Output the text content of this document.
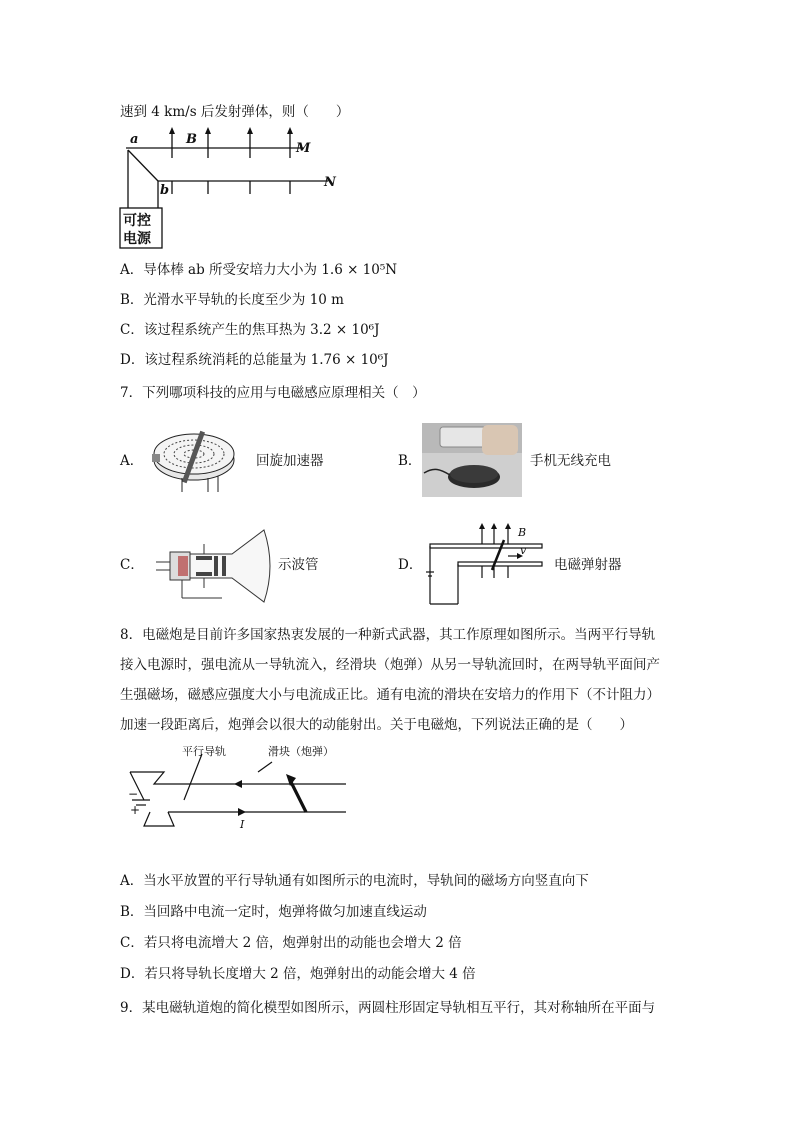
速到 4 km/s 后发射弹体，则（　　）
a	B
M
b
N
可控
电源
A．导体棒 ab 所受安培力大小为 1.6 × 10⁵N
B．光滑水平导轨的长度至少为 10 m
C．该过程系统产生的焦耳热为 3.2 × 10⁶J
D．该过程系统消耗的总能量为 1.76 × 10⁶J
7．下列哪项科技的应用与电磁感应原理相关（　）
A．	回旋加速器	B．	手机无线充电
C．	示波管	D．
B
v
电磁弹射器
8．电磁炮是目前许多国家热衷发展的一种新式武器，其工作原理如图所示。当两平行导轨
接入电源时，强电流从一导轨流入，经滑块（炮弹）从另一导轨流回时，在两导轨平面间产
生强磁场，磁感应强度大小与电流成正比。通有电流的滑块在安培力的作用下（不计阻力）
加速一段距离后，炮弹会以很大的动能射出。关于电磁炮，下列说法正确的是（　　）
+
−
平行导轨	滑块（炮弹）
I
A．当水平放置的平行导轨通有如图所示的电流时，导轨间的磁场方向竖直向下
B．当回路中电流一定时，炮弹将做匀加速直线运动
C．若只将电流增大 2 倍，炮弹射出的动能也会增大 2 倍
D．若只将导轨长度增大 2 倍，炮弹射出的动能会增大 4 倍
9．某电磁轨道炮的简化模型如图所示，两圆柱形固定导轨相互平行，其对称轴所在平面与
